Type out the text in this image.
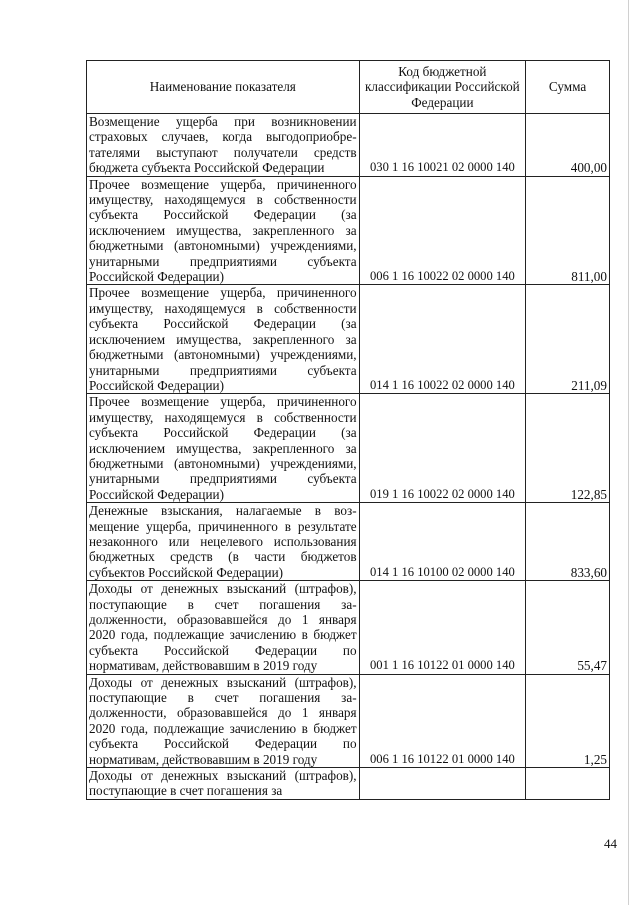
Наименование показателя	Код бюджетной классификации Российской Федерации	Сумма
Возмещение ущерба при возникновении страховых случаев, когда выгодоприобретателями выступают получатели средств бюджета субъекта Российской Федерации	030 1 16 10021 02 0000 140	400,00
Прочее возмещение ущерба, причиненного имуществу, находящемуся в собственности субъекта Российской Федерации (за исключением имущества, закрепленного за бюджетными (автономными) учреждениями, унитарными предприятиями субъекта Российской Федерации)	006 1 16 10022 02 0000 140	811,00
Прочее возмещение ущерба, причиненного имуществу, находящемуся в собственности субъекта Российской Федерации (за исключением имущества, закрепленного за бюджетными (автономными) учреждениями, унитарными предприятиями субъекта Российской Федерации)	014 1 16 10022 02 0000 140	211,09
Прочее возмещение ущерба, причиненного имуществу, находящемуся в собственности субъекта Российской Федерации (за исключением имущества, закрепленного за бюджетными (автономными) учреждениями, унитарными предприятиями субъекта Российской Федерации)	019 1 16 10022 02 0000 140	122,85
Денежные взыскания, налагаемые в возмещение ущерба, причиненного в результате незаконного или нецелевого использования бюджетных средств (в части бюджетов субъектов Российской Федерации)	014 1 16 10100 02 0000 140	833,60
Доходы от денежных взысканий (штрафов), поступающие в счет погашения задолженности, образовавшейся до 1 января 2020 года, подлежащие зачислению в бюджет субъекта Российской Федерации по нормативам, действовавшим в 2019 году	001 1 16 10122 01 0000 140	55,47
Доходы от денежных взысканий (штрафов), поступающие в счет погашения задолженности, образовавшейся до 1 января 2020 года, подлежащие зачислению в бюджет субъекта Российской Федерации по нормативам, действовавшим в 2019 году	006 1 16 10122 01 0000 140	1,25
Доходы от денежных взысканий (штрафов), поступающие в счет погашения за		
44
